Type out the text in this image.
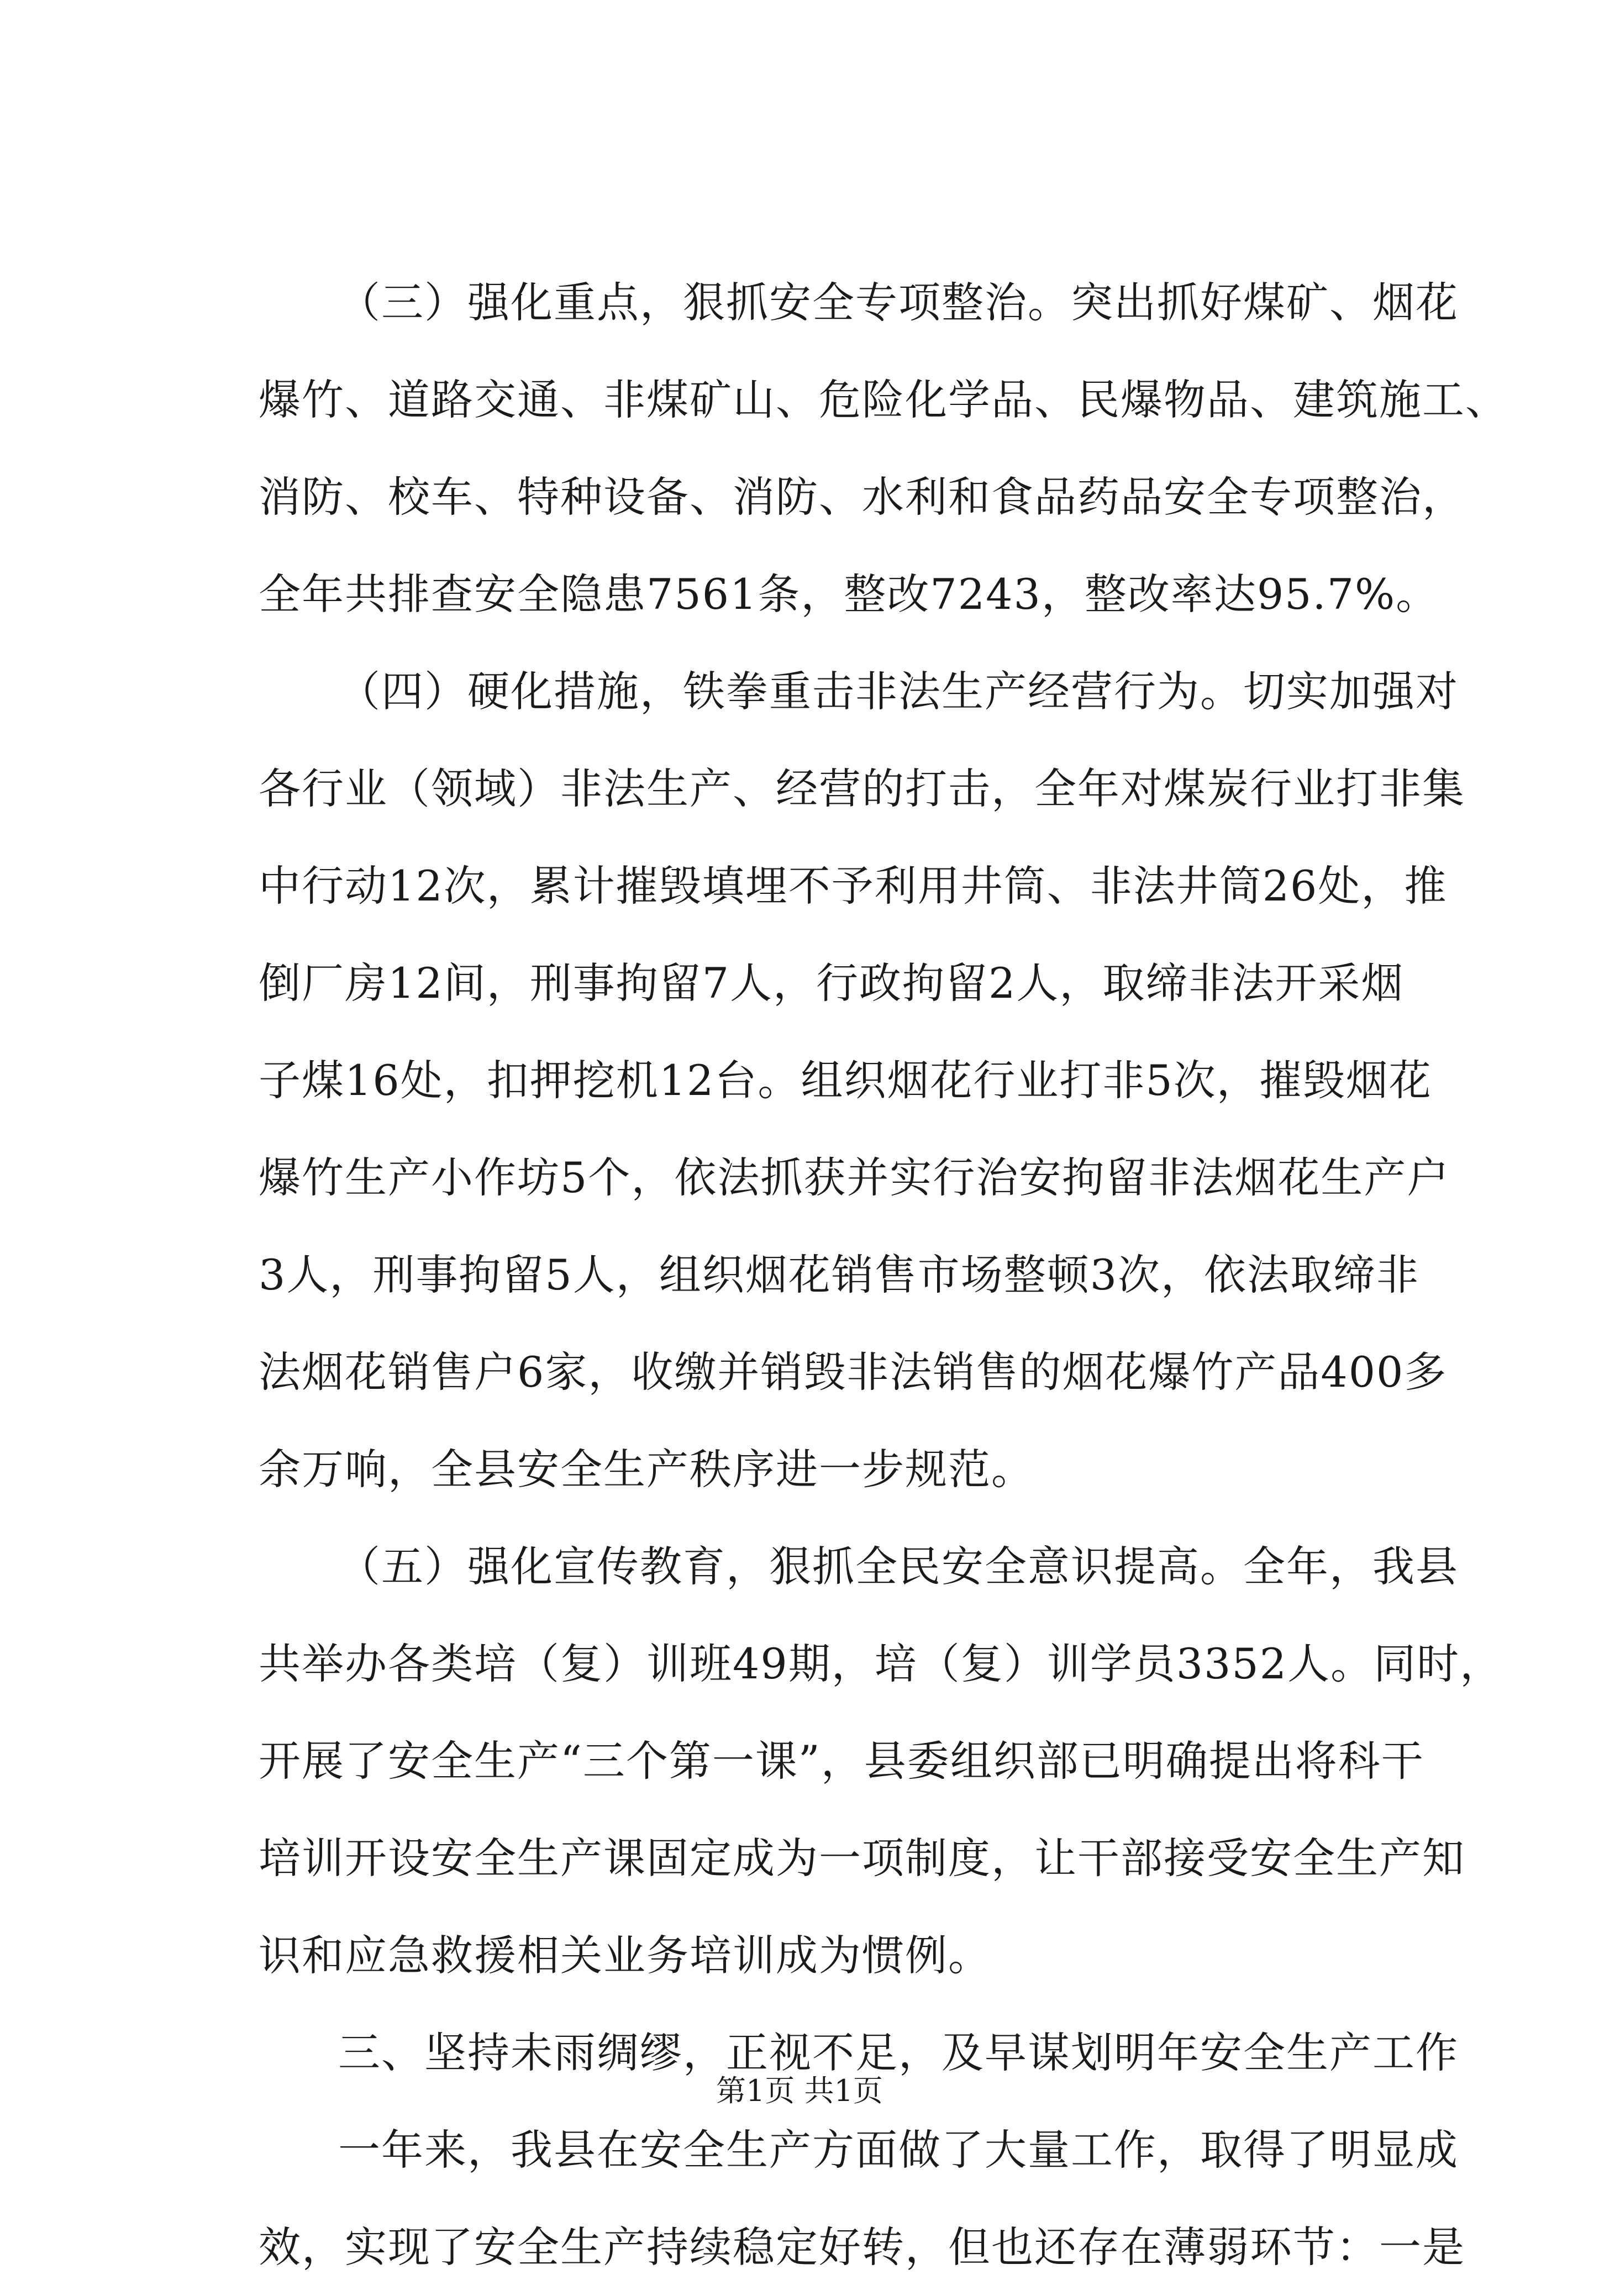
（三）强化重点，狠抓安全专项整治。突出抓好煤矿、烟花
爆竹、道路交通、非煤矿山、危险化学品、民爆物品、建筑施工、
消防、校车、特种设备、消防、水利和食品药品安全专项整治，
全年共排查安全隐患7561条，整改7243，整改率达95.7%。
（四）硬化措施，铁拳重击非法生产经营行为。切实加强对
各行业（领域）非法生产、经营的打击，全年对煤炭行业打非集
中行动12次，累计摧毁填埋不予利用井筒、非法井筒26处，推
倒厂房12间，刑事拘留7人，行政拘留2人，取缔非法开采烟
子煤16处，扣押挖机12台。组织烟花行业打非5次，摧毁烟花
爆竹生产小作坊5个，依法抓获并实行治安拘留非法烟花生产户
3人，刑事拘留5人，组织烟花销售市场整顿3次，依法取缔非
法烟花销售户6家，收缴并销毁非法销售的烟花爆竹产品400多
余万响，全县安全生产秩序进一步规范。
（五）强化宣传教育，狠抓全民安全意识提高。全年，我县
共举办各类培（复）训班49期，培（复）训学员3352人。同时，
开展了安全生产“三个第一课”，县委组织部已明确提出将科干
培训开设安全生产课固定成为一项制度，让干部接受安全生产知
识和应急救援相关业务培训成为惯例。
三、坚持未雨绸缪，正视不足，及早谋划明年安全生产工作
一年来，我县在安全生产方面做了大量工作，取得了明显成
效，实现了安全生产持续稳定好转，但也还存在薄弱环节：一是
第1页 共1页
